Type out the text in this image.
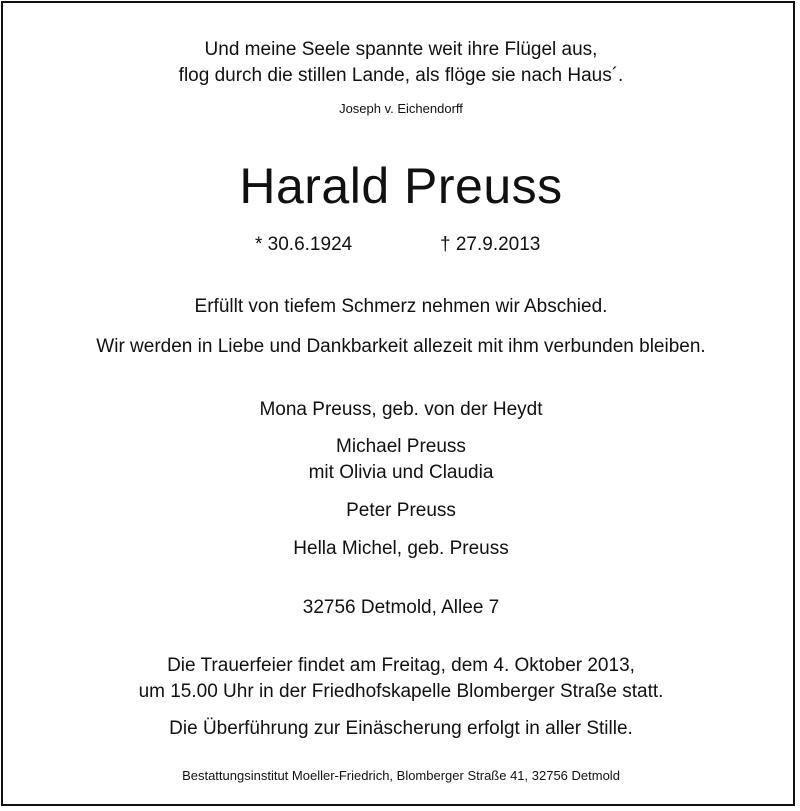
Und meine Seele spannte weit ihre Flügel aus,
flog durch die stillen Lande, als flöge sie nach Haus´.
Joseph v. Eichendorff
Harald Preuss
* 30.6.1924	† 27.9.2013
Erfüllt von tiefem Schmerz nehmen wir Abschied.
Wir werden in Liebe und Dankbarkeit allezeit mit ihm verbunden bleiben.
Mona Preuss, geb. von der Heydt
Michael Preuss
mit Olivia und Claudia
Peter Preuss
Hella Michel, geb. Preuss
32756 Detmold, Allee 7
Die Trauerfeier findet am Freitag, dem 4. Oktober 2013,
um 15.00 Uhr in der Friedhofskapelle Blomberger Straße statt.
Die Überführung zur Einäscherung erfolgt in aller Stille.
Bestattungsinstitut Moeller-Friedrich, Blomberger Straße 41, 32756 Detmold
